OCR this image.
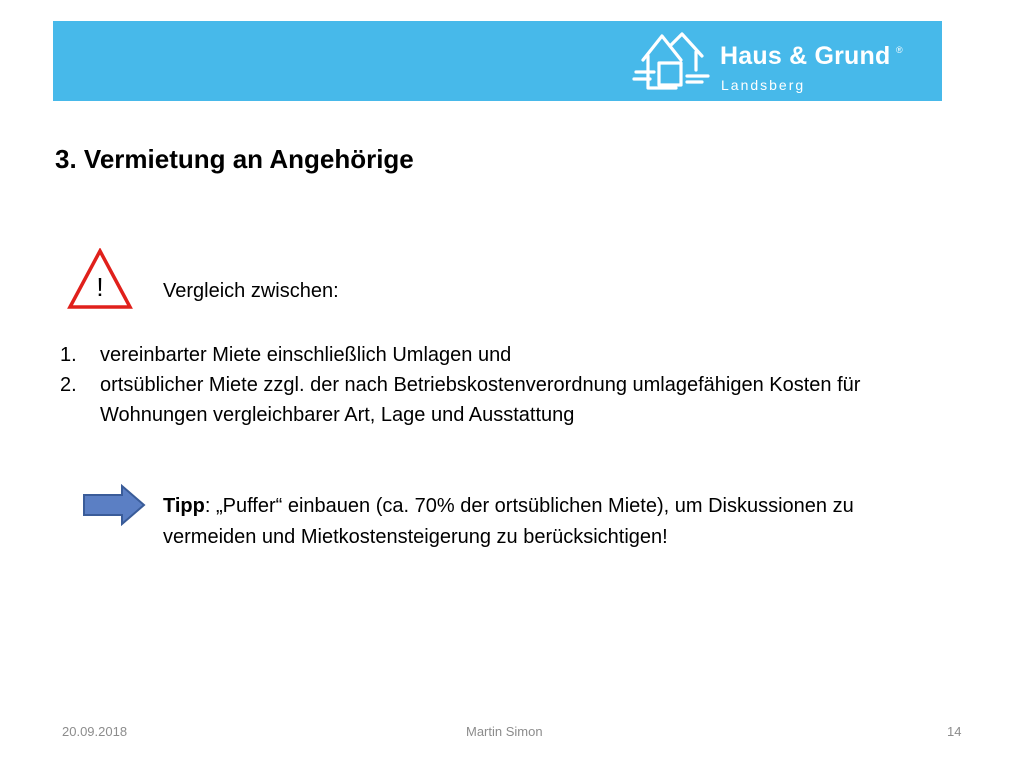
Haus & Grund ®
Landsberg
3. Vermietung an Angehörige
!	Vergleich zwischen:
1. vereinbarter Miete einschließlich Umlagen und
2. ortsüblicher Miete zzgl. der nach Betriebskostenverordnung umlagefähigen Kosten für Wohnungen vergleichbarer Art, Lage und Ausstattung
Tipp: „Puffer“ einbauen (ca. 70% der ortsüblichen Miete), um Diskussionen zu vermeiden und Mietkostensteigerung zu berücksichtigen!
20.09.2018	Martin Simon	14
